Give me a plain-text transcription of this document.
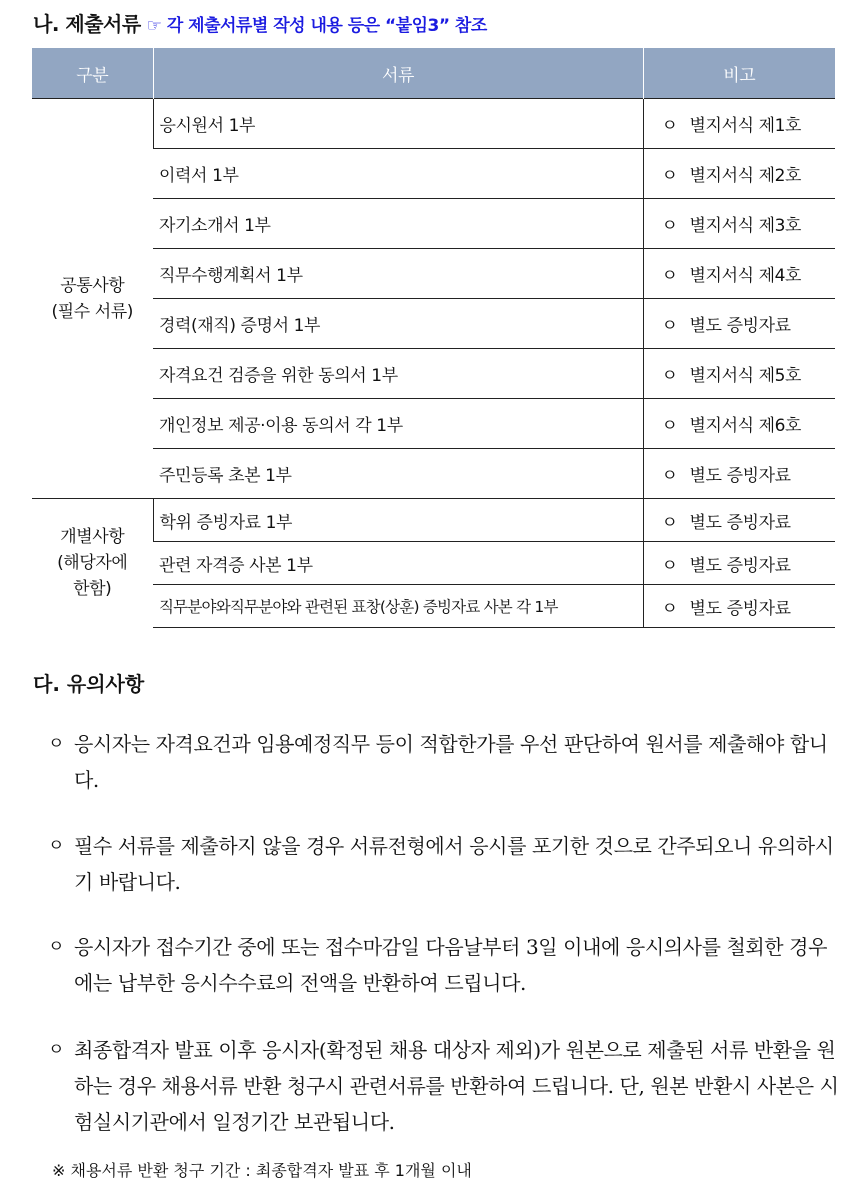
나. 제출서류 ☞ 각 제출서류별 작성 내용 등은 “붙임3” 참조
구분	서류	비고

공통사항
(필수 서류)	응시원서 1부	ㅇ 별지서식 제1호
	이력서 1부	ㅇ 별지서식 제2호
	자기소개서 1부	ㅇ 별지서식 제3호
	직무수행계획서 1부	ㅇ 별지서식 제4호
	경력(재직) 증명서 1부	ㅇ 별도 증빙자료
	자격요건 검증을 위한 동의서 1부	ㅇ 별지서식 제5호
	개인정보 제공·이용 동의서 각 1부	ㅇ 별지서식 제6호
	주민등록 초본 1부	ㅇ 별도 증빙자료

개별사항
(해당자에
한함)	학위 증빙자료 1부	ㅇ 별도 증빙자료
	관련 자격증 사본 1부	ㅇ 별도 증빙자료
	직무분야와직무분야와 관련된 표창(상훈) 증빙자료 사본 각 1부	ㅇ 별도 증빙자료
다. 유의사항
ㅇ 응시자는 자격요건과 임용예정직무 등이 적합한가를 우선 판단하여 원서를 제출해야 합니다.
ㅇ 필수 서류를 제출하지 않을 경우 서류전형에서 응시를 포기한 것으로 간주되오니 유의하시기 바랍니다.
ㅇ 응시자가 접수기간 중에 또는 접수마감일 다음날부터 3일 이내에 응시의사를 철회한 경우에는 납부한 응시수수료의 전액을 반환하여 드립니다.
ㅇ 최종합격자 발표 이후 응시자(확정된 채용 대상자 제외)가 원본으로 제출된 서류 반환을 원하는 경우 채용서류 반환 청구시 관련서류를 반환하여 드립니다. 단, 원본 반환시 사본은 시험실시기관에서 일정기간 보관됩니다.
※ 채용서류 반환 청구 기간 : 최종합격자 발표 후 1개월 이내
